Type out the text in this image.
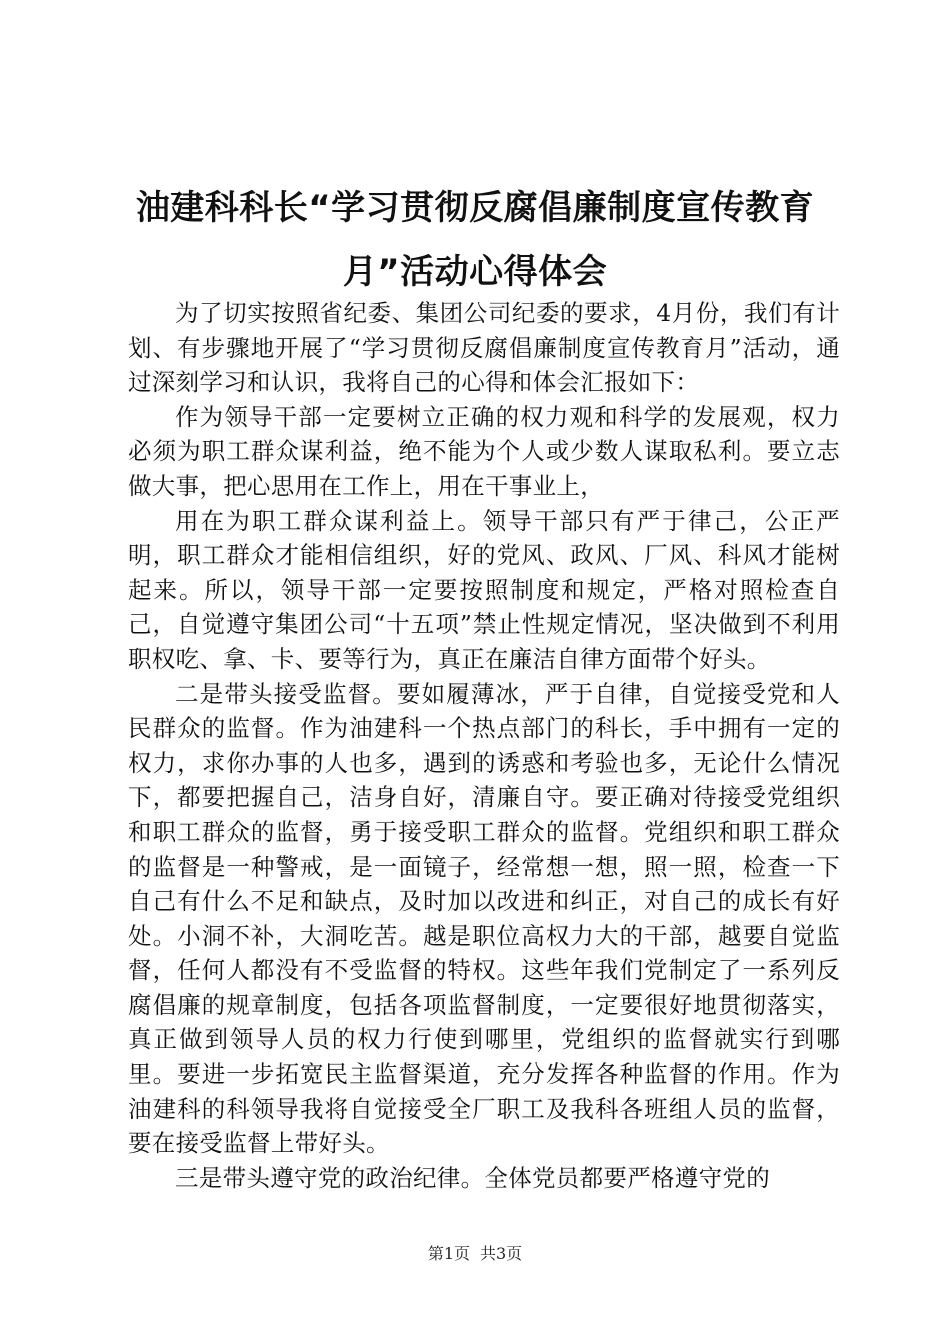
油建科科长“学习贯彻反腐倡廉制度宣传教育月”活动心得体会

为了切实按照省纪委、集团公司纪委的要求，4月份，我们有计划、有步骤地开展了“学习贯彻反腐倡廉制度宣传教育月”活动，通过深刻学习和认识，我将自己的心得和体会汇报如下：

作为领导干部一定要树立正确的权力观和科学的发展观，权力必须为职工群众谋利益，绝不能为个人或少数人谋取私利。要立志做大事，把心思用在工作上，用在干事业上，

用在为职工群众谋利益上。领导干部只有严于律己，公正严明，职工群众才能相信组织，好的党风、政风、厂风、科风才能树起来。所以，领导干部一定要按照制度和规定，严格对照检查自己，自觉遵守集团公司“十五项”禁止性规定情况，坚决做到不利用职权吃、拿、卡、要等行为，真正在廉洁自律方面带个好头。

二是带头接受监督。要如履薄冰，严于自律，自觉接受党和人民群众的监督。作为油建科一个热点部门的科长，手中拥有一定的权力，求你办事的人也多，遇到的诱惑和考验也多，无论什么情况下，都要把握自己，洁身自好，清廉自守。要正确对待接受党组织和职工群众的监督，勇于接受职工群众的监督。党组织和职工群众的监督是一种警戒，是一面镜子，经常想一想，照一照，检查一下自己有什么不足和缺点，及时加以改进和纠正，对自己的成长有好处。小洞不补，大洞吃苦。越是职位高权力大的干部，越要自觉监督，任何人都没有不受监督的特权。这些年我们党制定了一系列反腐倡廉的规章制度，包括各项监督制度，一定要很好地贯彻落实，真正做到领导人员的权力行使到哪里，党组织的监督就实行到哪里。要进一步拓宽民主监督渠道，充分发挥各种监督的作用。作为油建科的科领导我将自觉接受全厂职工及我科各班组人员的监督，要在接受监督上带好头。

三是带头遵守党的政治纪律。全体党员都要严格遵守党的

第1页 共3页
